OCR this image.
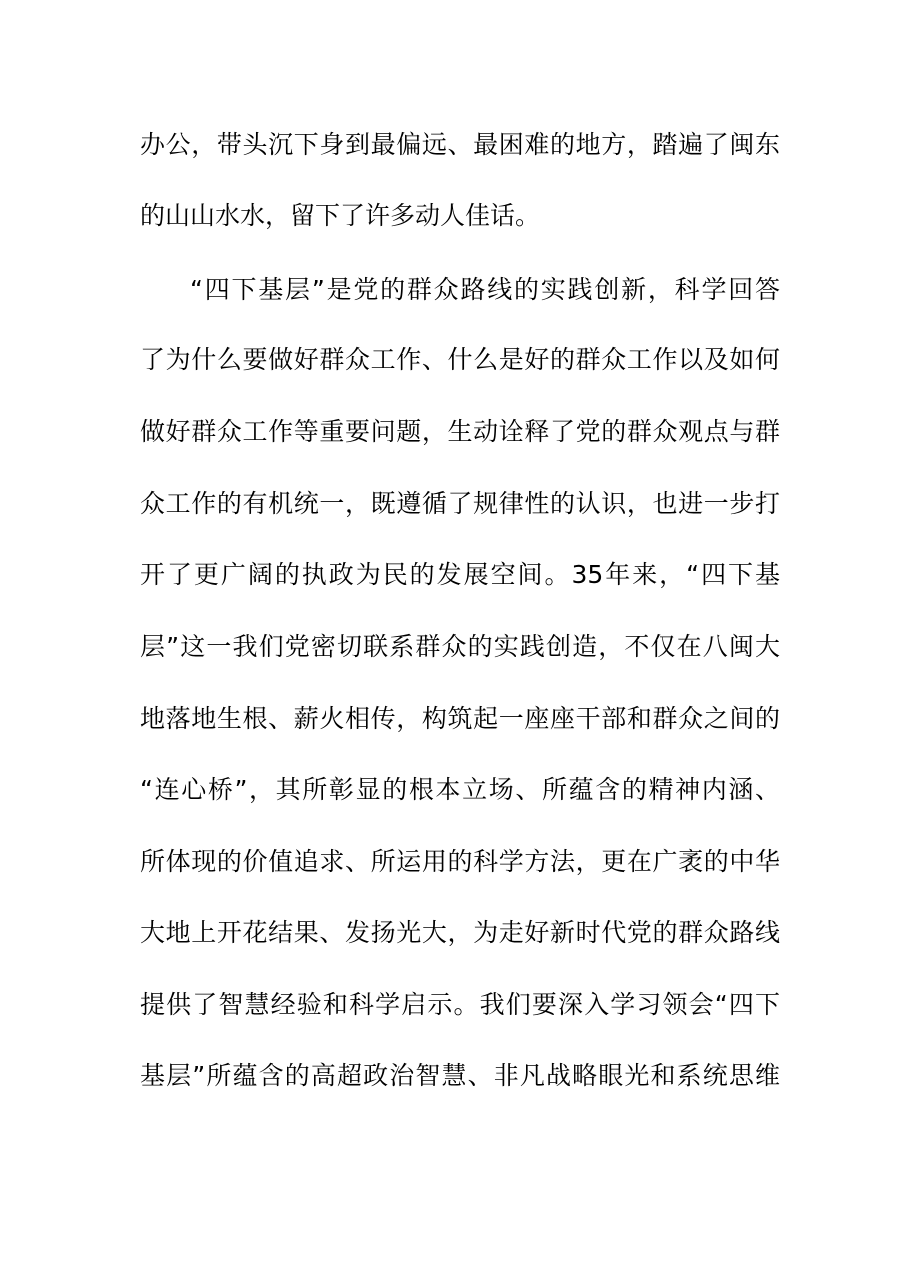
办公，带头沉下身到最偏远、最困难的地方，踏遍了闽东
的山山水水，留下了许多动人佳话。
“四下基层”是党的群众路线的实践创新，科学回答
了为什么要做好群众工作、什么是好的群众工作以及如何
做好群众工作等重要问题，生动诠释了党的群众观点与群
众工作的有机统一，既遵循了规律性的认识，也进一步打
开了更广阔的执政为民的发展空间。35年来，“四下基
层”这一我们党密切联系群众的实践创造，不仅在八闽大
地落地生根、薪火相传，构筑起一座座干部和群众之间的
“连心桥”，其所彰显的根本立场、所蕴含的精神内涵、
所体现的价值追求、所运用的科学方法，更在广袤的中华
大地上开花结果、发扬光大，为走好新时代党的群众路线
提供了智慧经验和科学启示。我们要深入学习领会“四下
基层”所蕴含的高超政治智慧、非凡战略眼光和系统思维
